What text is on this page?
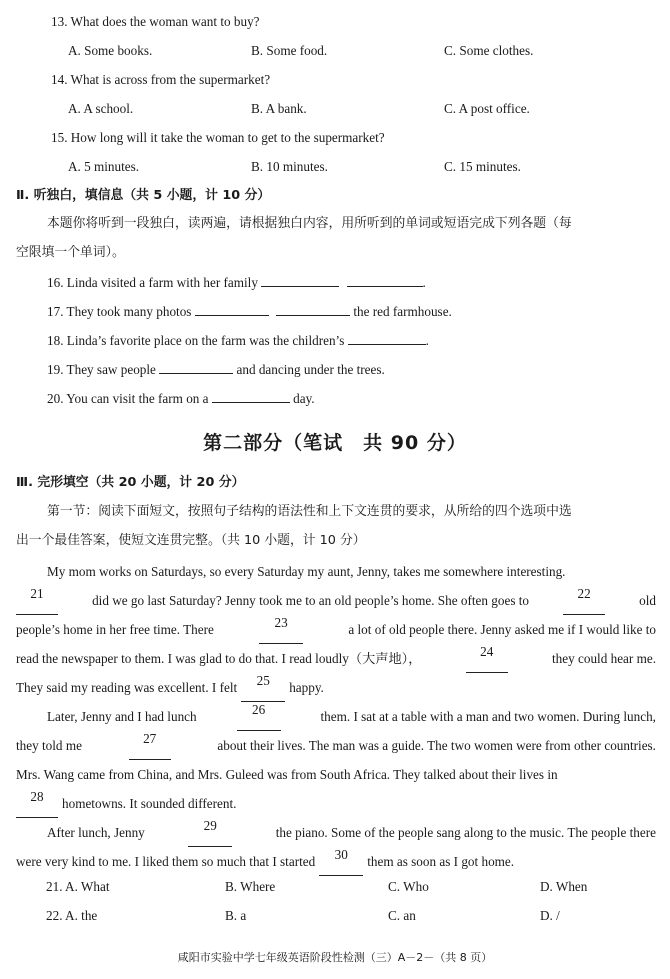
13. What does the woman want to buy?
A. Some books.	B. Some food.	C. Some clothes.
14. What is across from the supermarket?
A. A school.	B. A bank.	C. A post office.
15. How long will it take the woman to get to the supermarket?
A. 5 minutes.	B. 10 minutes.	C. 15 minutes.
Ⅱ. 听独白，填信息（共 5 小题，计 10 分）
本题你将听到一段独白，读两遍，请根据独白内容，用所听到的单词或短语完成下列各题（每
空限填一个单词）。
16. Linda visited a farm with her family	.
17. They took many photos	the red farmhouse.
18. Linda’s favorite place on the farm was the children’s	.
19. They saw people	and dancing under the trees.
20. You can visit the farm on a	day.
第二部分（笔试　共 90 分）
Ⅲ. 完形填空（共 20 小题，计 20 分）
第一节：阅读下面短文，按照句子结构的语法性和上下文连贯的要求，从所给的四个选项中选
出一个最佳答案，使短文连贯完整。（共 10 小题，计 10 分）
My mom works on Saturdays, so every Saturday my aunt, Jenny, takes me somewhere interesting.
21	did we go last Saturday? Jenny took me to an old people’s home. She often goes to	22	old
people’s home in her free time. There	23	a lot of old people there. Jenny asked me if I would like to
read the newspaper to them. I was glad to do that. I read loudly（大声地），	24	they could hear me.
They said my reading was excellent. I felt	25	happy.
Later, Jenny and I had lunch	26	them. I sat at a table with a man and two women. During lunch,
they told me	27	about their lives. The man was a guide. The two women were from other countries.
Mrs. Wang came from China, and Mrs. Guleed was from South Africa. They talked about their lives in
28	hometowns. It sounded different.
After lunch, Jenny	29	the piano. Some of the people sang along to the music. The people there
were very kind to me. I liked them so much that I started	30	them as soon as I got home.
21. A. What	B. Where	C. Who	D. When
22. A. the	B. a	C. an	D. /
咸阳市实验中学七年级英语阶段性检测（三）A－2－（共 8 页）
